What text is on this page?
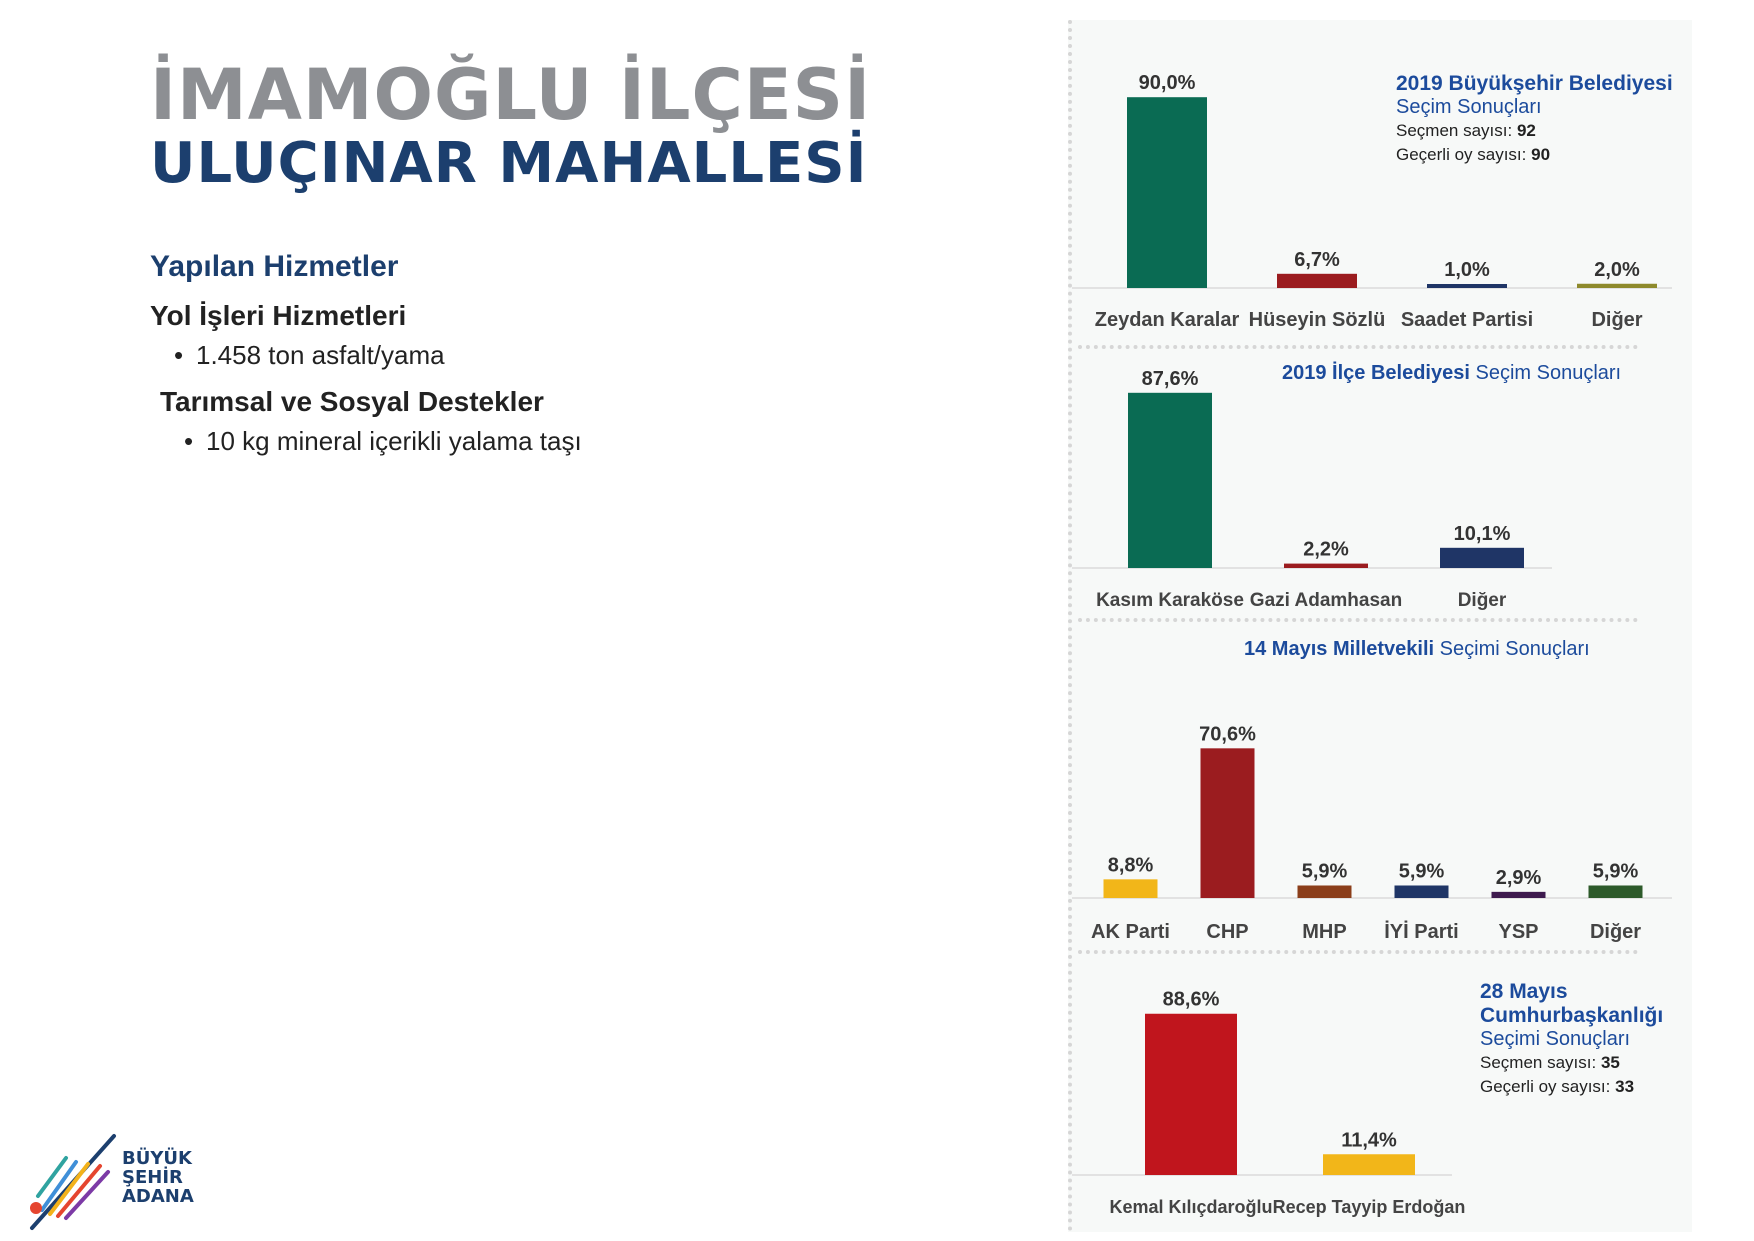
İMAMOĞLU İLÇESİ
ULUÇINAR MAHALLESİ
Yapılan Hizmetler
Yol İşleri Hizmetleri
• 1.458 ton asfalt/yama
Tarımsal ve Sosyal Destekler
• 10 kg mineral içerikli yalama taşı
90,0%
Zeydan Karalar
6,7%
Hüseyin Sözlü
1,0%
Saadet Partisi
2,0%
Diğer
2019 Büyükşehir Belediyesi
Seçim Sonuçları
Seçmen sayısı: 92
Geçerli oy sayısı: 90
2019 İlçe Belediyesi Seçim Sonuçları
87,6%
Kasım Karaköse
2,2%
Gazi Adamhasan
10,1%
Diğer
14 Mayıs Milletvekili Seçimi Sonuçları
8,8%
AK Parti
70,6%
CHP
5,9%
MHP
5,9%
İYİ Parti
2,9%
YSP
5,9%
Diğer
88,6%
Kemal Kılıçdaroğlu
11,4%
Recep Tayyip Erdoğan
28 Mayıs
Cumhurbaşkanlığı
Seçimi Sonuçları
Seçmen sayısı: 35
Geçerli oy sayısı: 33
BÜYÜK
ŞEHİR
ADANA
